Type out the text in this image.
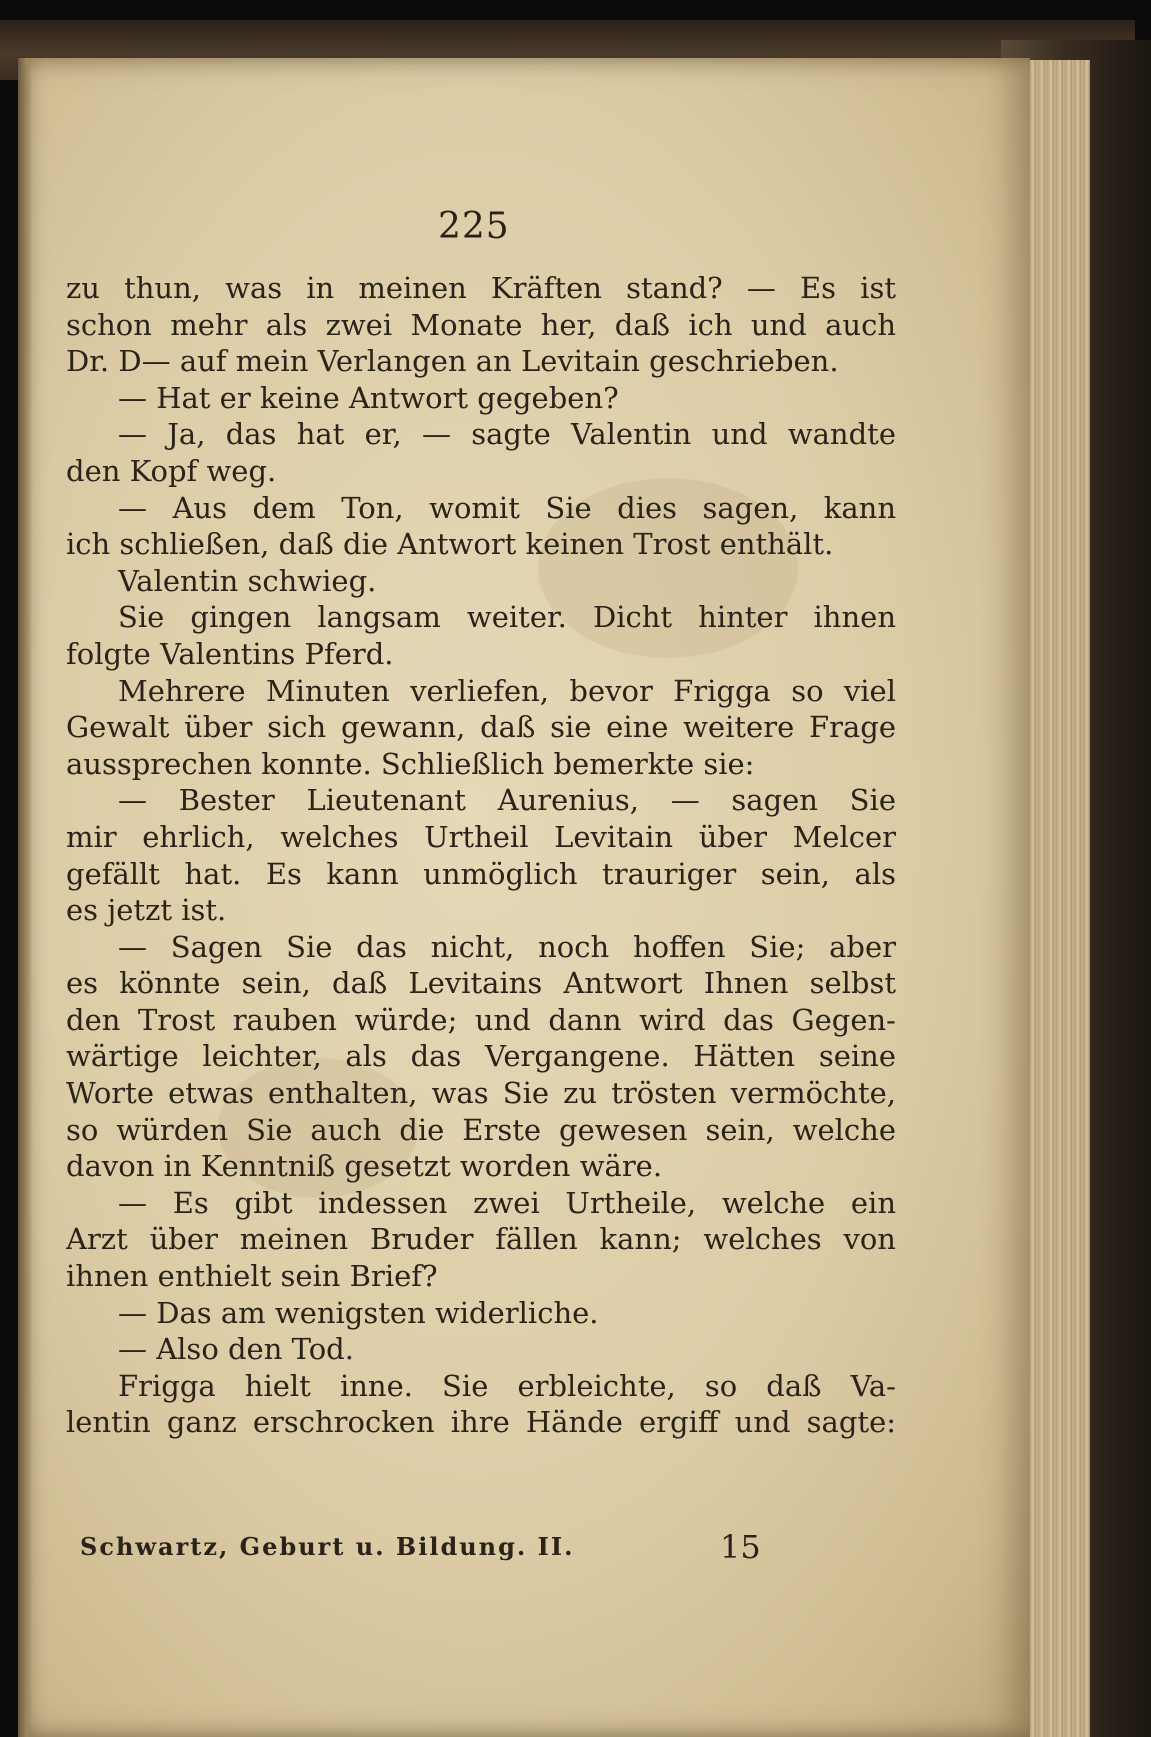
225
zu thun, was in meinen Kräften stand? — Es ist
schon mehr als zwei Monate her, daß ich und auch
Dr. D— auf mein Verlangen an Levitain geschrieben.
— Hat er keine Antwort gegeben?
— Ja, das hat er, — sagte Valentin und wandte
den Kopf weg.
— Aus dem Ton, womit Sie dies sagen, kann
ich schließen, daß die Antwort keinen Trost enthält.
Valentin schwieg.
Sie gingen langsam weiter. Dicht hinter ihnen
folgte Valentins Pferd.
Mehrere Minuten verliefen, bevor Frigga so viel
Gewalt über sich gewann, daß sie eine weitere Frage
aussprechen konnte. Schließlich bemerkte sie:
— Bester Lieutenant Aurenius, — sagen Sie
mir ehrlich, welches Urtheil Levitain über Melcer
gefällt hat. Es kann unmöglich trauriger sein, als
es jetzt ist.
— Sagen Sie das nicht, noch hoffen Sie; aber
es könnte sein, daß Levitains Antwort Ihnen selbst
den Trost rauben würde; und dann wird das Gegen-
wärtige leichter, als das Vergangene. Hätten seine
Worte etwas enthalten, was Sie zu trösten vermöchte,
so würden Sie auch die Erste gewesen sein, welche
davon in Kenntniß gesetzt worden wäre.
— Es gibt indessen zwei Urtheile, welche ein
Arzt über meinen Bruder fällen kann; welches von
ihnen enthielt sein Brief?
— Das am wenigsten widerliche.
— Also den Tod.
Frigga hielt inne. Sie erbleichte, so daß Va-
lentin ganz erschrocken ihre Hände ergiff und sagte:
Schwartz, Geburt u. Bildung. II.	15
